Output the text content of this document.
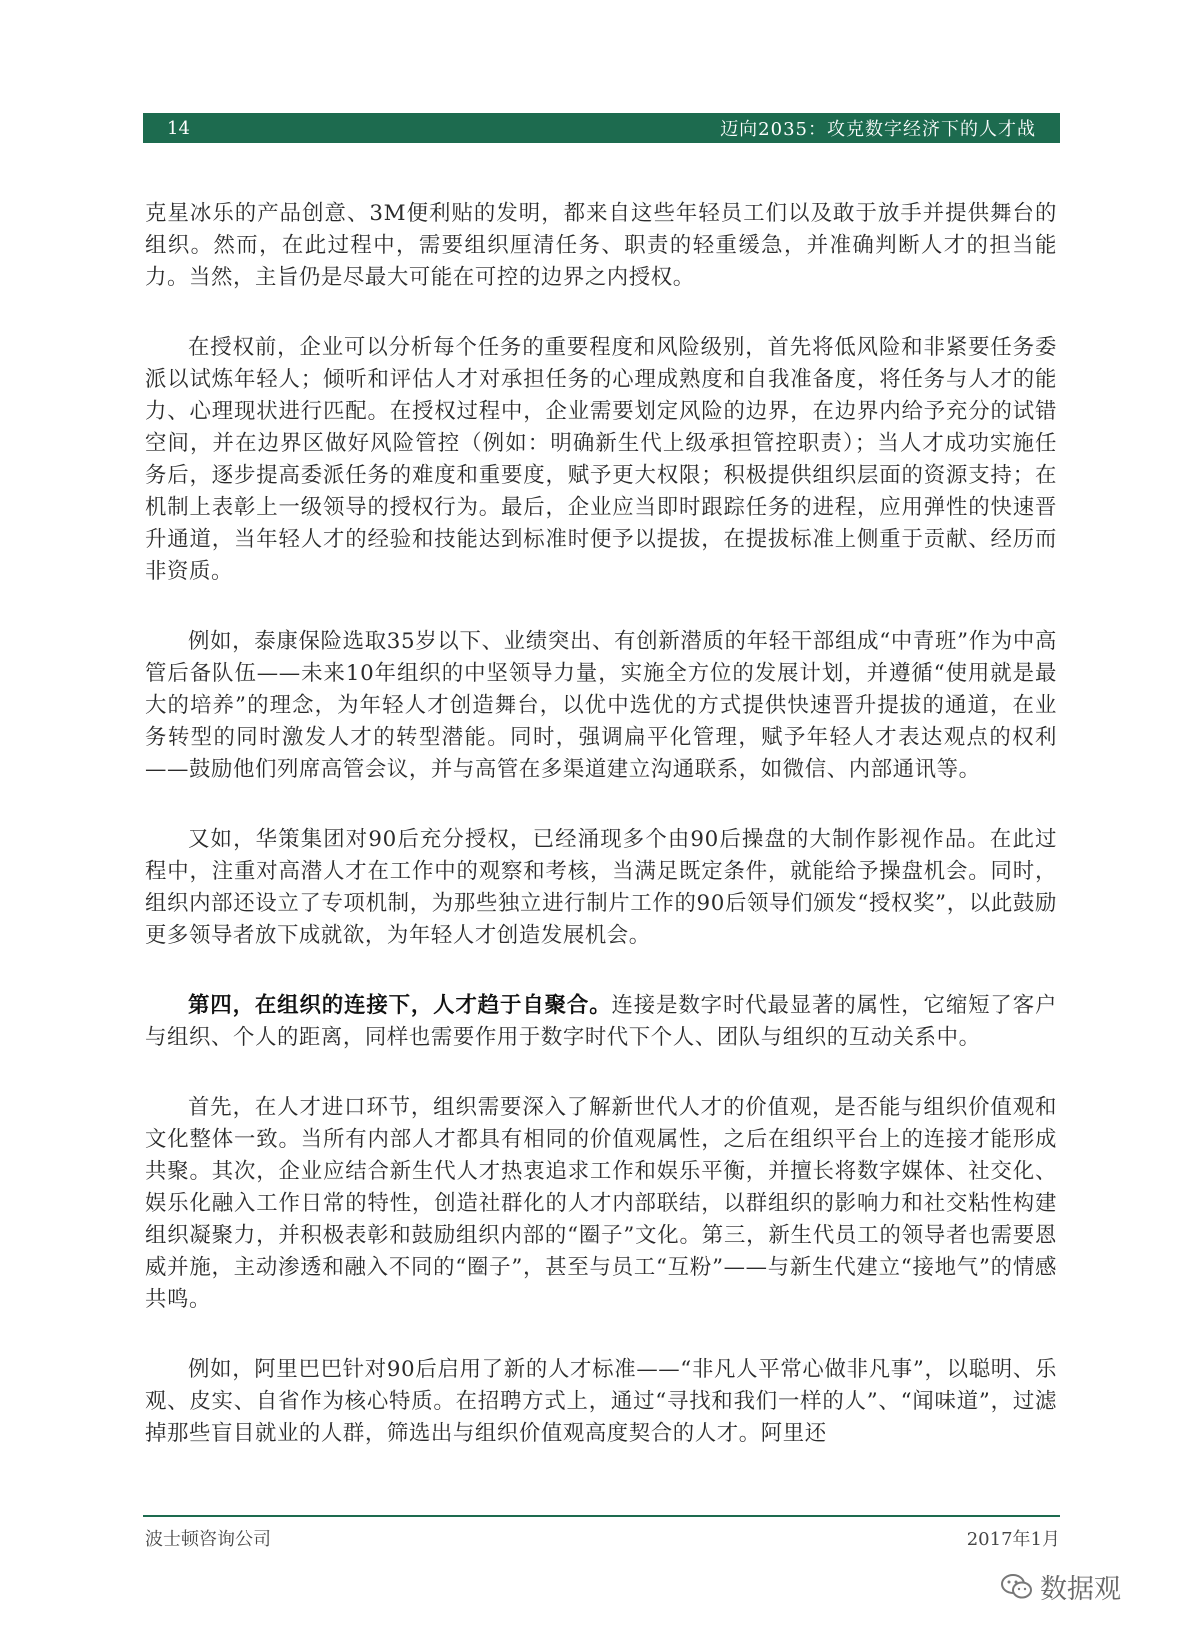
14	迈向2035：攻克数字经济下的人才战

克星冰乐的产品创意、3M便利贴的发明，都来自这些年轻员工们以及敢于放手并提供舞台的组织。然而，在此过程中，需要组织厘清任务、职责的轻重缓急，并准确判断人才的担当能力。当然，主旨仍是尽最大可能在可控的边界之内授权。

在授权前，企业可以分析每个任务的重要程度和风险级别，首先将低风险和非紧要任务委派以试炼年轻人；倾听和评估人才对承担任务的心理成熟度和自我准备度，将任务与人才的能力、心理现状进行匹配。在授权过程中，企业需要划定风险的边界，在边界内给予充分的试错空间，并在边界区做好风险管控（例如：明确新生代上级承担管控职责）；当人才成功实施任务后，逐步提高委派任务的难度和重要度，赋予更大权限；积极提供组织层面的资源支持；在机制上表彰上一级领导的授权行为。最后，企业应当即时跟踪任务的进程，应用弹性的快速晋升通道，当年轻人才的经验和技能达到标准时便予以提拔，在提拔标准上侧重于贡献、经历而非资质。

例如，泰康保险选取35岁以下、业绩突出、有创新潜质的年轻干部组成“中青班”作为中高管后备队伍——未来10年组织的中坚领导力量，实施全方位的发展计划，并遵循“使用就是最大的培养”的理念，为年轻人才创造舞台，以优中选优的方式提供快速晋升提拔的通道，在业务转型的同时激发人才的转型潜能。同时，强调扁平化管理，赋予年轻人才表达观点的权利——鼓励他们列席高管会议，并与高管在多渠道建立沟通联系，如微信、内部通讯等。

又如，华策集团对90后充分授权，已经涌现多个由90后操盘的大制作影视作品。在此过程中，注重对高潜人才在工作中的观察和考核，当满足既定条件，就能给予操盘机会。同时，组织内部还设立了专项机制，为那些独立进行制片工作的90后领导们颁发“授权奖”，以此鼓励更多领导者放下成就欲，为年轻人才创造发展机会。

第四，在组织的连接下，人才趋于自聚合。连接是数字时代最显著的属性，它缩短了客户与组织、个人的距离，同样也需要作用于数字时代下个人、团队与组织的互动关系中。

首先，在人才进口环节，组织需要深入了解新世代人才的价值观，是否能与组织价值观和文化整体一致。当所有内部人才都具有相同的价值观属性，之后在组织平台上的连接才能形成共聚。其次，企业应结合新生代人才热衷追求工作和娱乐平衡，并擅长将数字媒体、社交化、娱乐化融入工作日常的特性，创造社群化的人才内部联结，以群组织的影响力和社交粘性构建组织凝聚力，并积极表彰和鼓励组织内部的“圈子”文化。第三，新生代员工的领导者也需要恩威并施，主动渗透和融入不同的“圈子”，甚至与员工“互粉”——与新生代建立“接地气”的情感共鸣。

例如，阿里巴巴针对90后启用了新的人才标准——“非凡人平常心做非凡事”，以聪明、乐观、皮实、自省作为核心特质。在招聘方式上，通过“寻找和我们一样的人”、“闻味道”，过滤掉那些盲目就业的人群，筛选出与组织价值观高度契合的人才。阿里还

波士顿咨询公司	2017年1月
数据观
